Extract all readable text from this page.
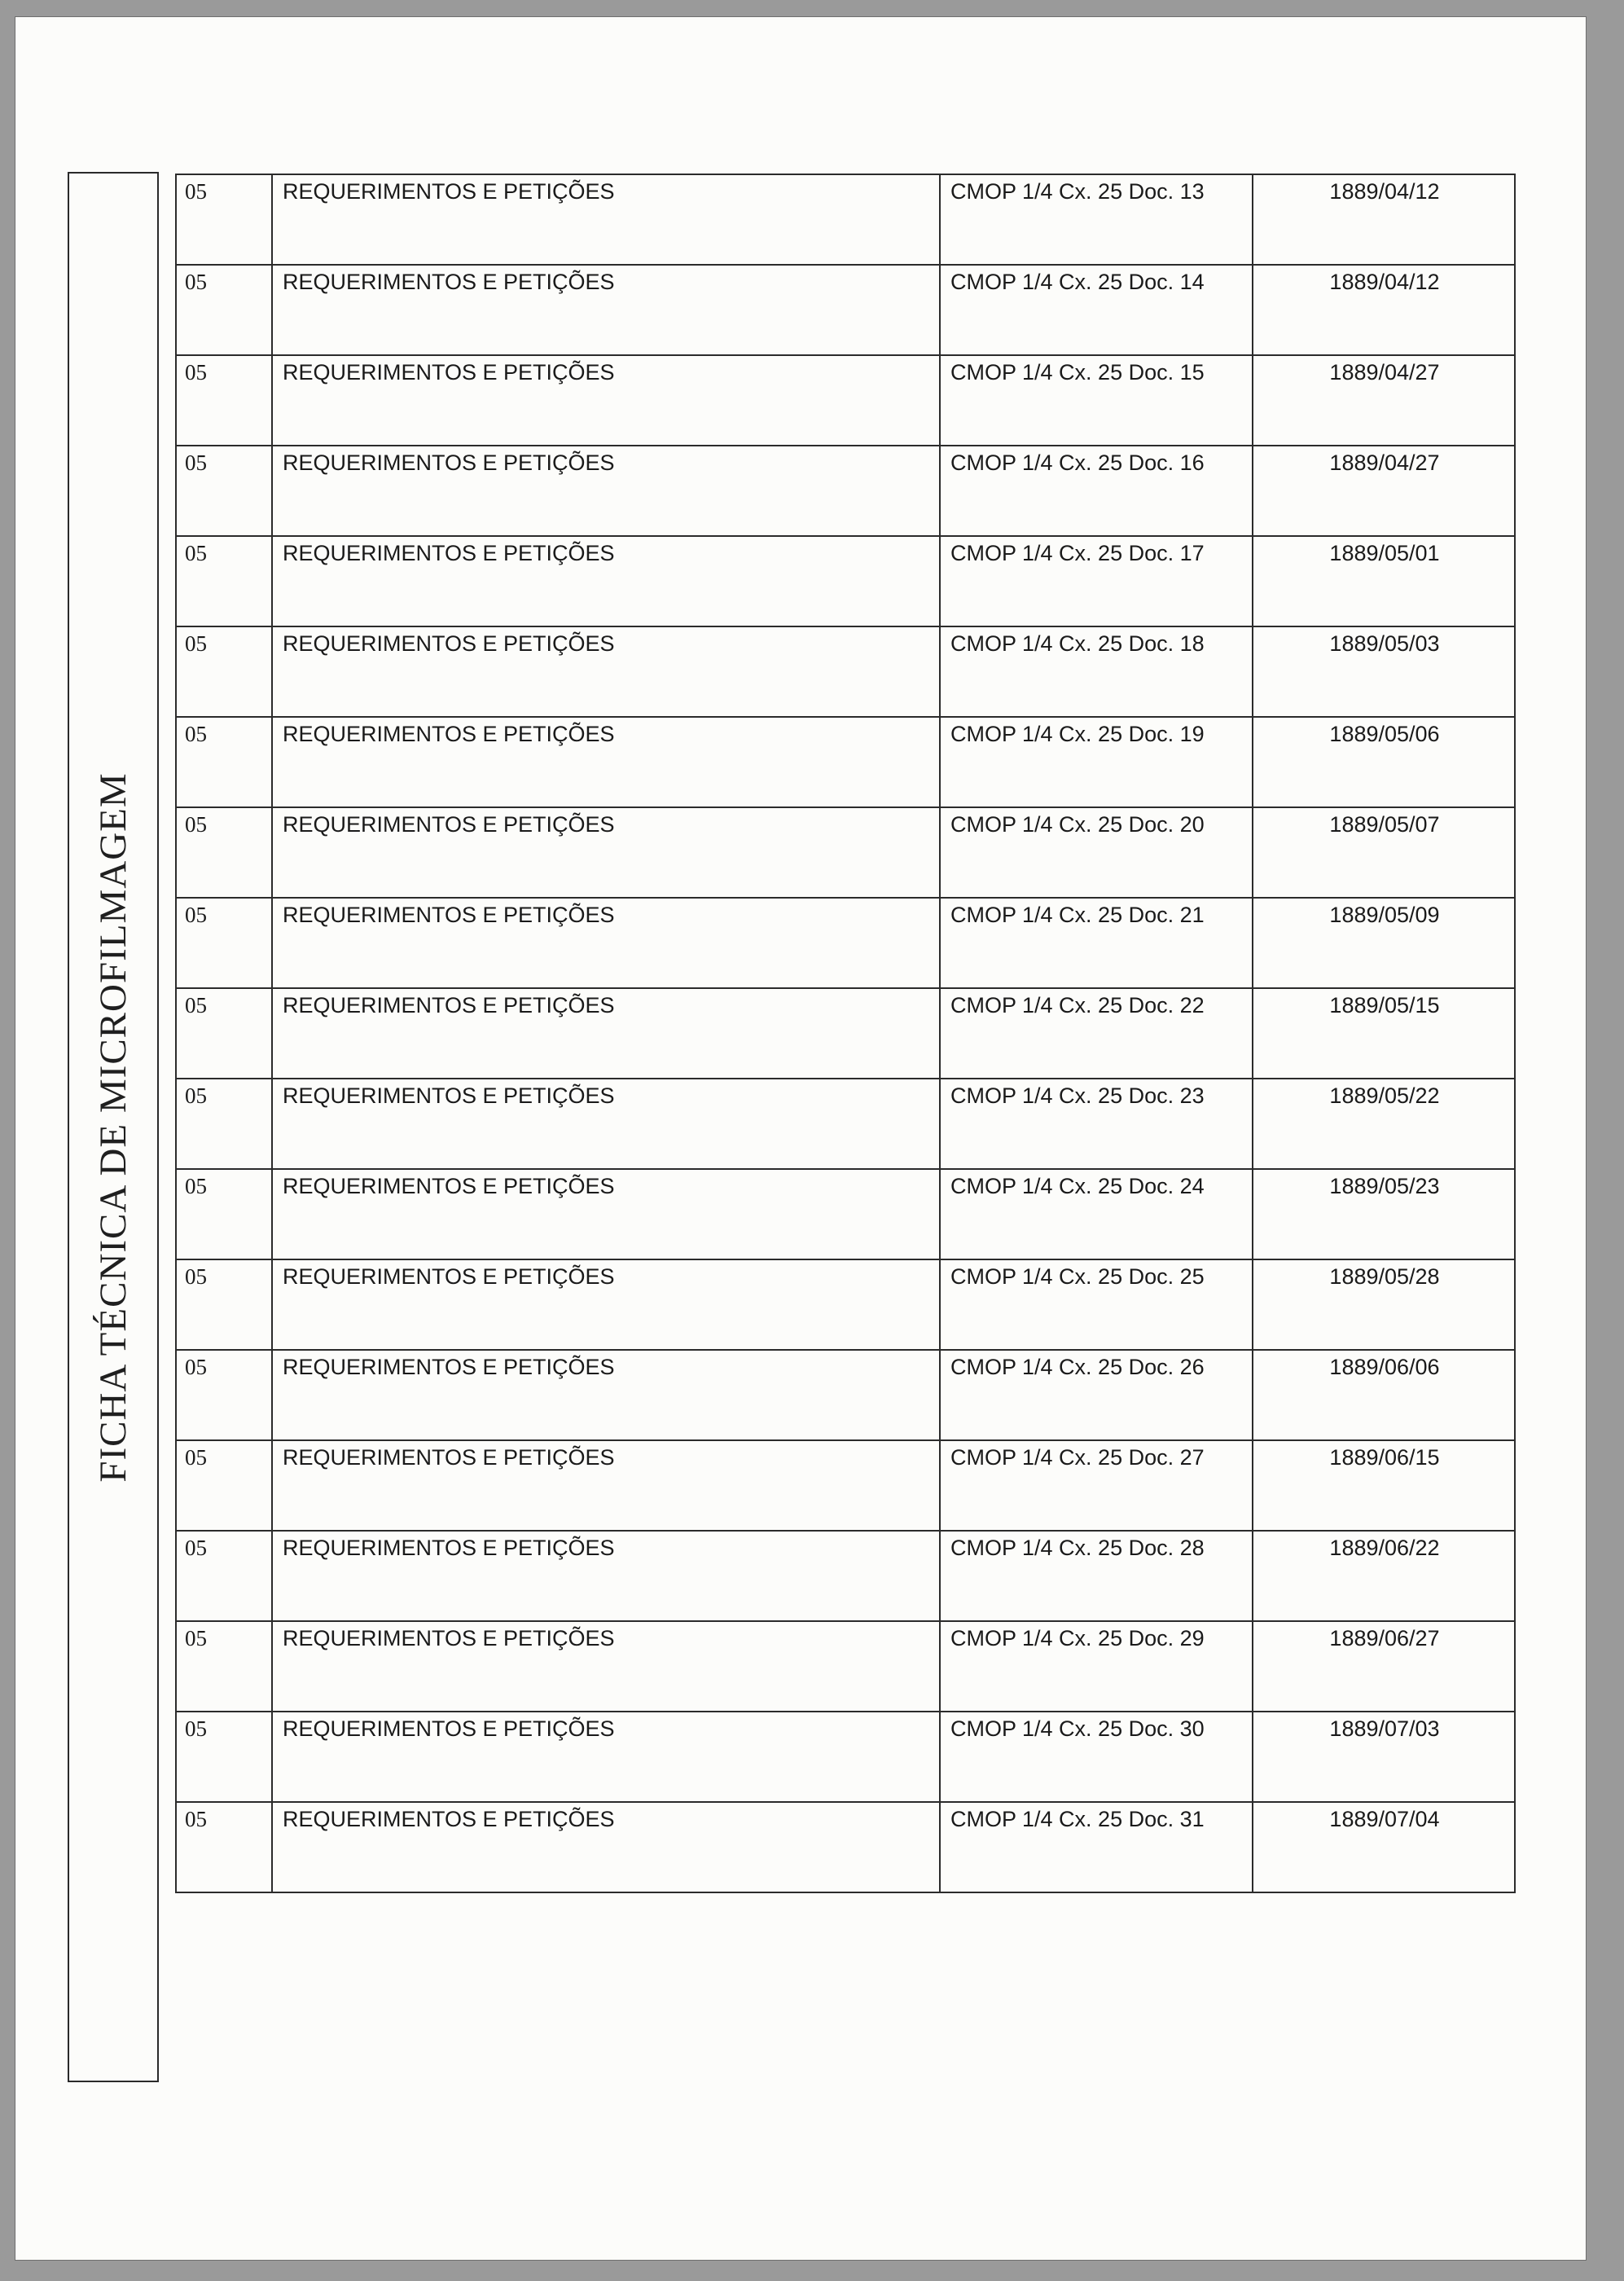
FICHA TÉCNICA DE MICROFILMAGEM
05	REQUERIMENTOS E PETIÇÕES	CMOP 1/4 Cx. 25 Doc. 13	1889/04/12
05	REQUERIMENTOS E PETIÇÕES	CMOP 1/4 Cx. 25 Doc. 14	1889/04/12
05	REQUERIMENTOS E PETIÇÕES	CMOP 1/4 Cx. 25 Doc. 15	1889/04/27
05	REQUERIMENTOS E PETIÇÕES	CMOP 1/4 Cx. 25 Doc. 16	1889/04/27
05	REQUERIMENTOS E PETIÇÕES	CMOP 1/4 Cx. 25 Doc. 17	1889/05/01
05	REQUERIMENTOS E PETIÇÕES	CMOP 1/4 Cx. 25 Doc. 18	1889/05/03
05	REQUERIMENTOS E PETIÇÕES	CMOP 1/4 Cx. 25 Doc. 19	1889/05/06
05	REQUERIMENTOS E PETIÇÕES	CMOP 1/4 Cx. 25 Doc. 20	1889/05/07
05	REQUERIMENTOS E PETIÇÕES	CMOP 1/4 Cx. 25 Doc. 21	1889/05/09
05	REQUERIMENTOS E PETIÇÕES	CMOP 1/4 Cx. 25 Doc. 22	1889/05/15
05	REQUERIMENTOS E PETIÇÕES	CMOP 1/4 Cx. 25 Doc. 23	1889/05/22
05	REQUERIMENTOS E PETIÇÕES	CMOP 1/4 Cx. 25 Doc. 24	1889/05/23
05	REQUERIMENTOS E PETIÇÕES	CMOP 1/4 Cx. 25 Doc. 25	1889/05/28
05	REQUERIMENTOS E PETIÇÕES	CMOP 1/4 Cx. 25 Doc. 26	1889/06/06
05	REQUERIMENTOS E PETIÇÕES	CMOP 1/4 Cx. 25 Doc. 27	1889/06/15
05	REQUERIMENTOS E PETIÇÕES	CMOP 1/4 Cx. 25 Doc. 28	1889/06/22
05	REQUERIMENTOS E PETIÇÕES	CMOP 1/4 Cx. 25 Doc. 29	1889/06/27
05	REQUERIMENTOS E PETIÇÕES	CMOP 1/4 Cx. 25 Doc. 30	1889/07/03
05	REQUERIMENTOS E PETIÇÕES	CMOP 1/4 Cx. 25 Doc. 31	1889/07/04
